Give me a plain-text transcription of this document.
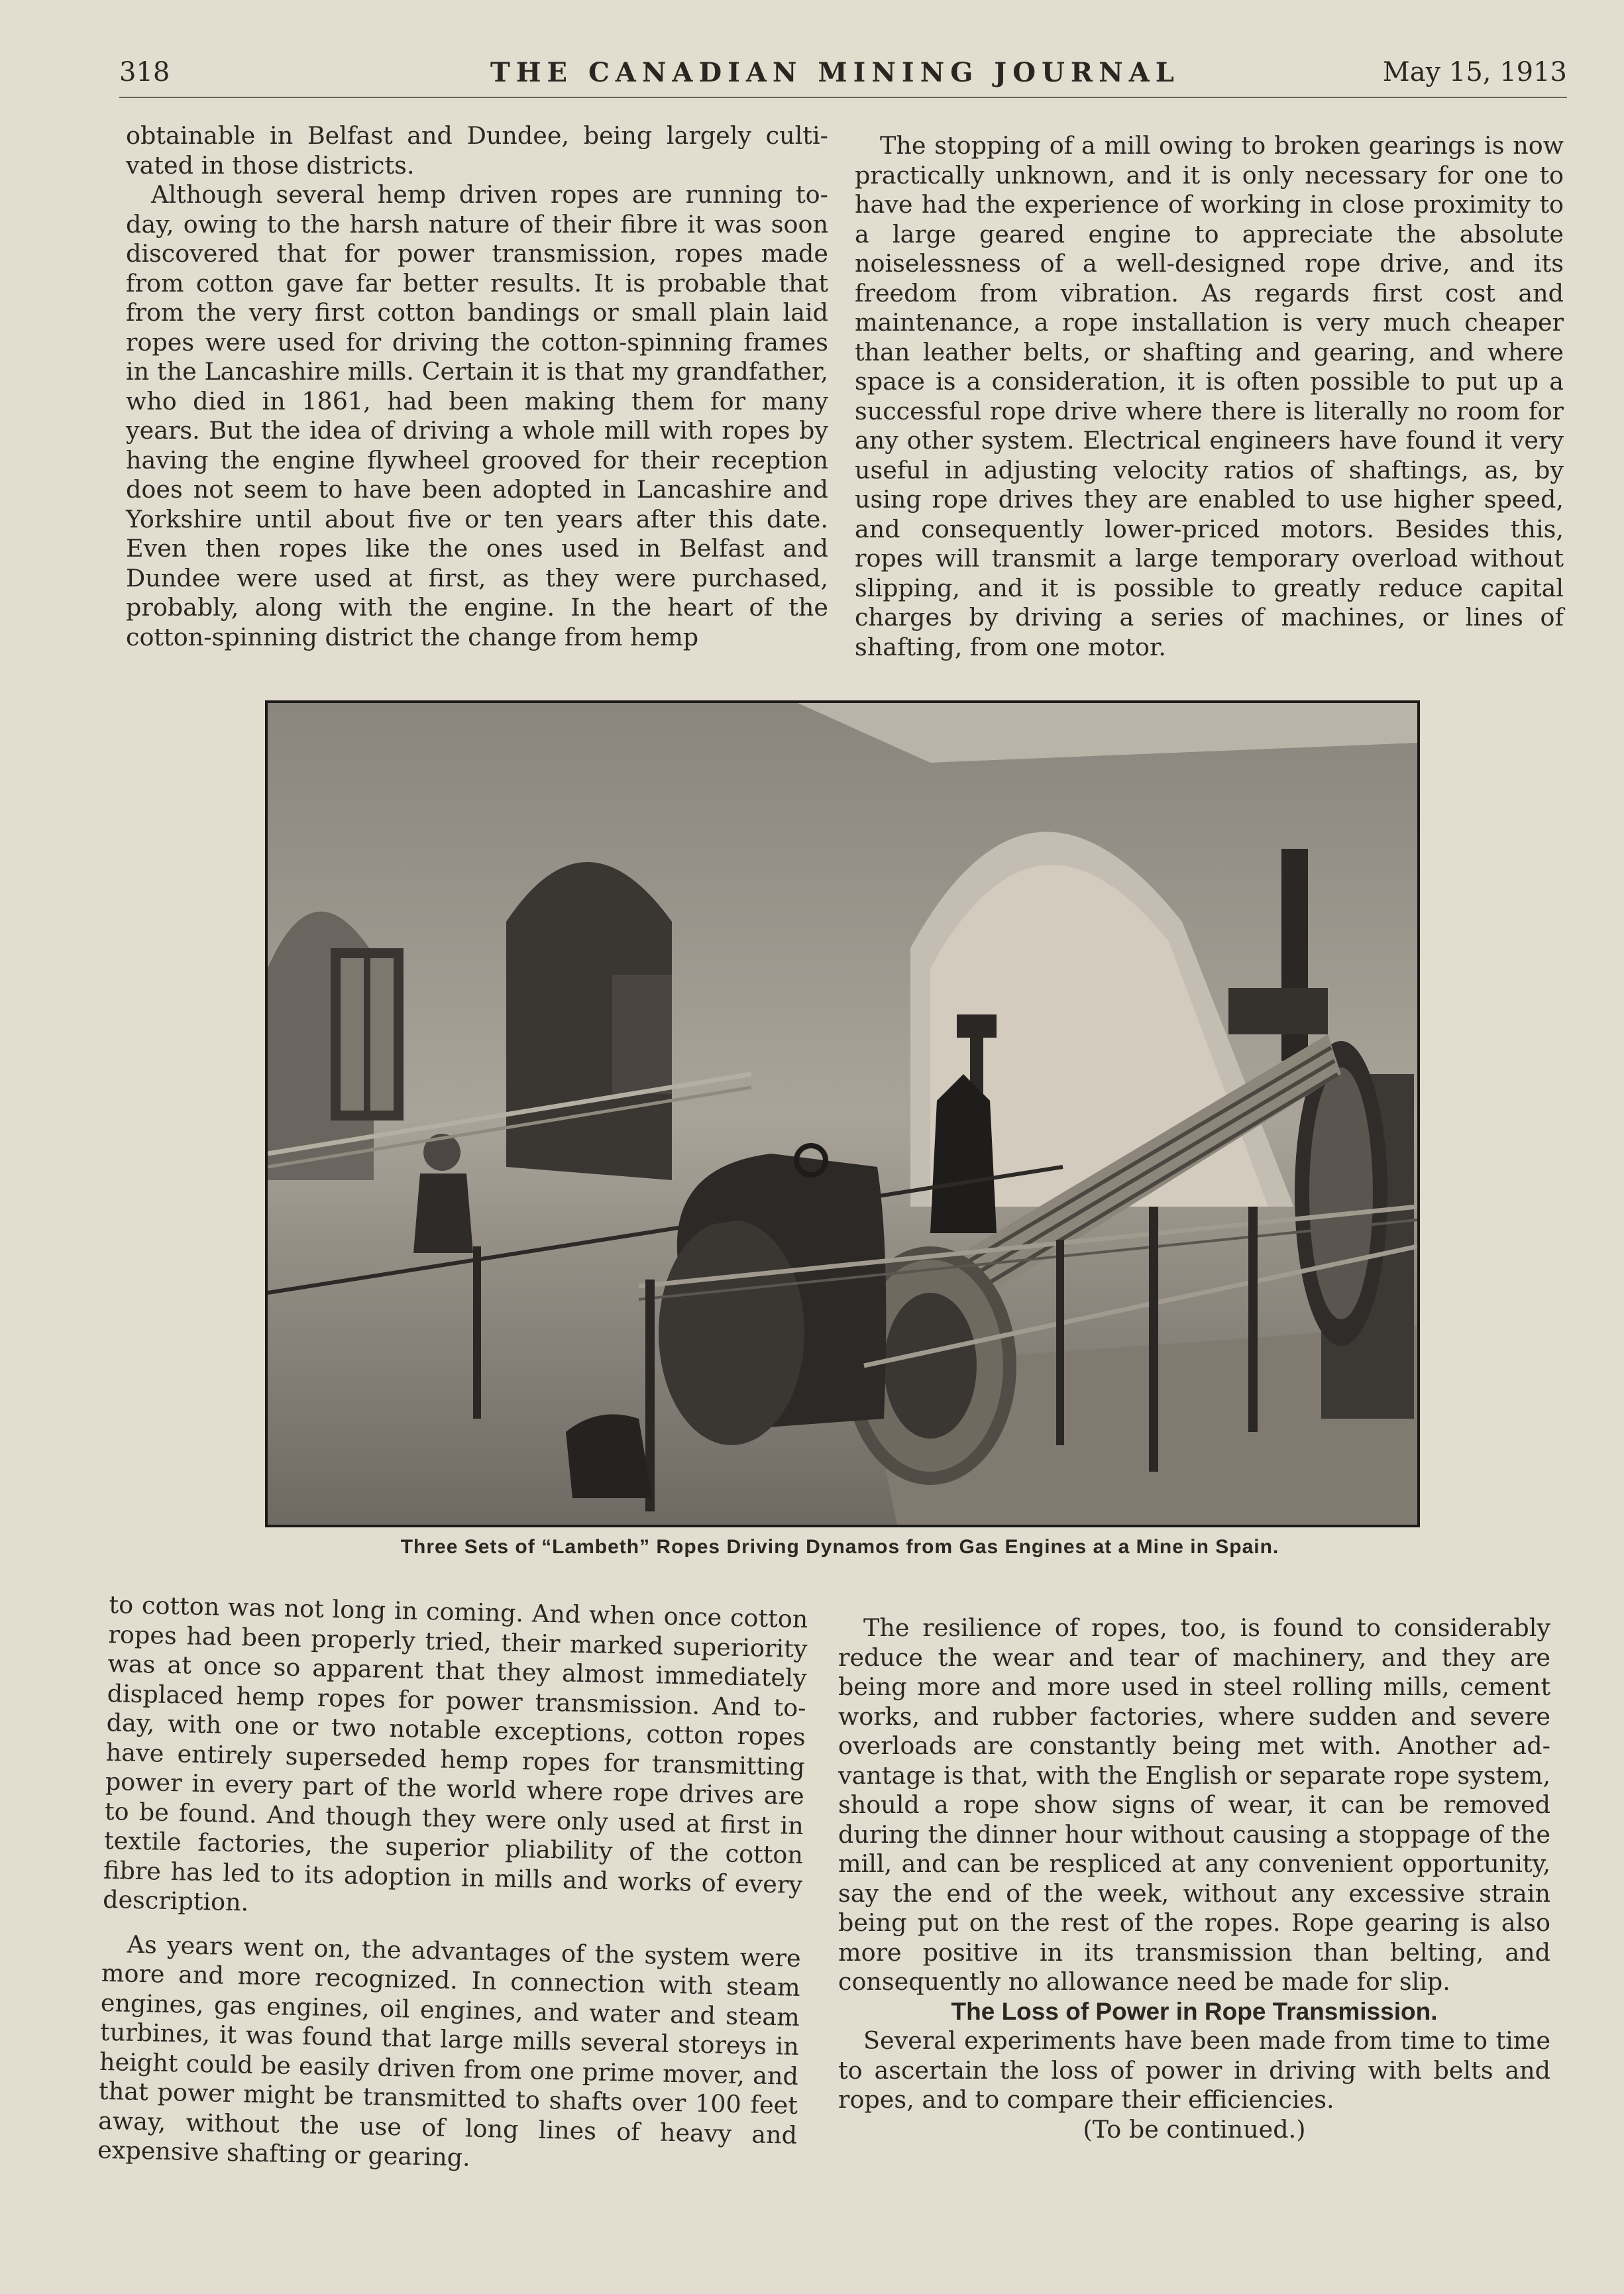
318	THE CANADIAN MINING JOURNAL	May 15, 1913

obtainable in Belfast and Dundee, being largely cultivated in those districts.

Although several hemp driven ropes are running today, owing to the harsh nature of their fibre it was soon discovered that for power transmission, ropes made from cotton gave far better results. It is probable that from the very first cotton bandings or small plain laid ropes were used for driving the cotton-spinning frames in the Lancashire mills. Certain it is that my grandfather, who died in 1861, had been making them for many years. But the idea of driving a whole mill with ropes by having the engine flywheel grooved for their reception does not seem to have been adopted in Lancashire and Yorkshire until about five or ten years after this date. Even then ropes like the ones used in Belfast and Dundee were used at first, as they were purchased, probably, along with the engine. In the heart of the cotton-spinning district the change from hemp

The stopping of a mill owing to broken gearings is now practically unknown, and it is only necessary for one to have had the experience of working in close proximity to a large geared engine to appreciate the absolute noiselessness of a well-designed rope drive, and its freedom from vibration. As regards first cost and maintenance, a rope installation is very much cheaper than leather belts, or shafting and gearing, and where space is a consideration, it is often possible to put up a successful rope drive where there is literally no room for any other system. Electrical engineers have found it very useful in adjusting velocity ratios of shaftings, as, by using rope drives they are enabled to use higher speed, and consequently lower-priced motors. Besides this, ropes will transmit a large temporary overload without slipping, and it is possible to greatly reduce capital charges by driving a series of machines, or lines of shafting, from one motor.

Three Sets of “Lambeth” Ropes Driving Dynamos from Gas Engines at a Mine in Spain.

to cotton was not long in coming. And when once cotton ropes had been properly tried, their marked superiority was at once so apparent that they almost immediately displaced hemp ropes for power transmission. And to-day, with one or two notable exceptions, cotton ropes have entirely superseded hemp ropes for transmitting power in every part of the world where rope drives are to be found. And though they were only used at first in textile factories, the superior pliability of the cotton fibre has led to its adoption in mills and works of every description.

As years went on, the advantages of the system were more and more recognized. In connection with steam engines, gas engines, oil engines, and water and steam turbines, it was found that large mills several storeys in height could be easily driven from one prime mover, and that power might be transmitted to shafts over 100 feet away, without the use of long lines of heavy and expensive shafting or gearing.

The resilience of ropes, too, is found to considerably reduce the wear and tear of machinery, and they are being more and more used in steel rolling mills, cement works, and rubber factories, where sudden and severe overloads are constantly being met with. Another advantage is that, with the English or separate rope system, should a rope show signs of wear, it can be removed during the dinner hour without causing a stoppage of the mill, and can be respliced at any convenient opportunity, say the end of the week, without any excessive strain being put on the rest of the ropes. Rope gearing is also more positive in its transmission than belting, and consequently no allowance need be made for slip.

The Loss of Power in Rope Transmission.

Several experiments have been made from time to time to ascertain the loss of power in driving with belts and ropes, and to compare their efficiencies.

(To be continued.)
